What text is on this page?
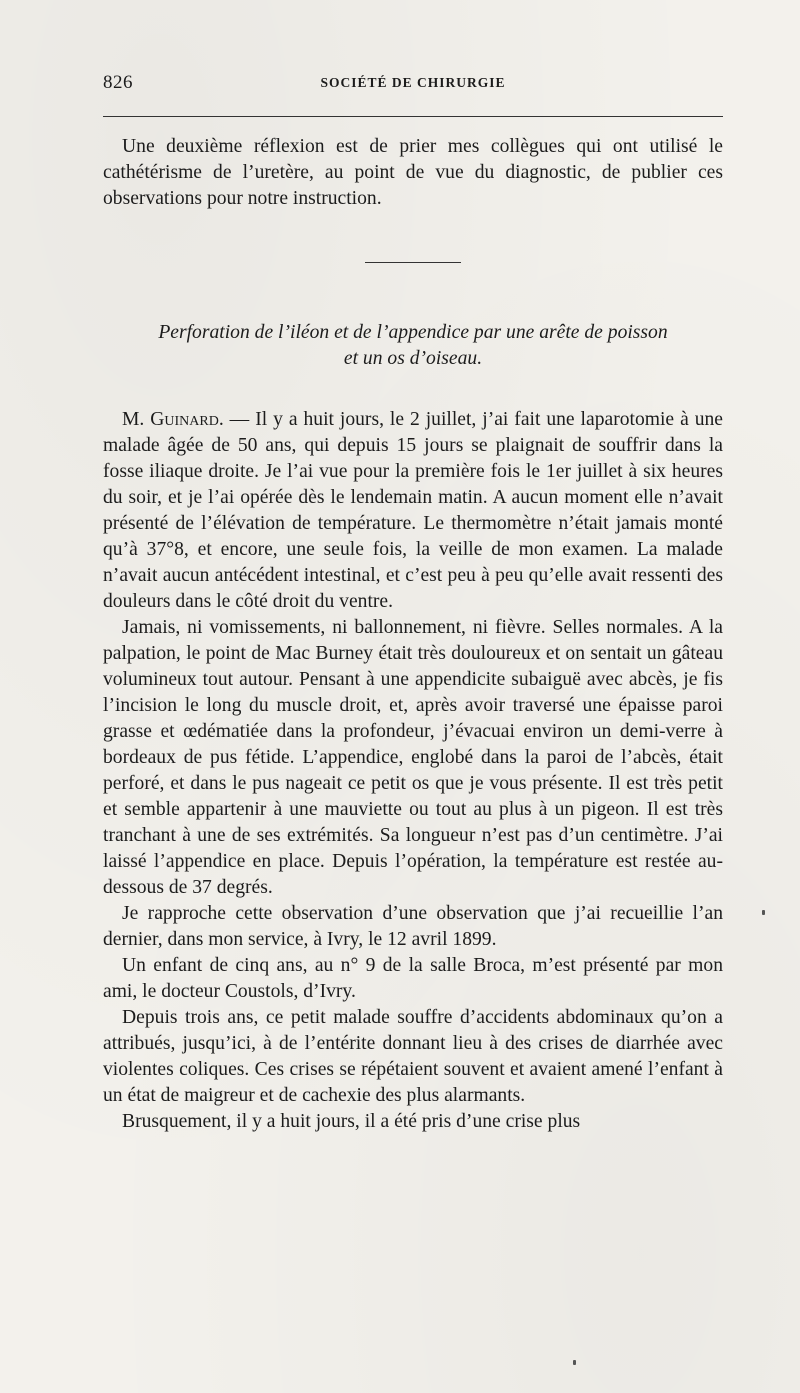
826	SOCIÉTÉ DE CHIRURGIE

Une deuxième réflexion est de prier mes collègues qui ont utilisé le cathétérisme de l’uretère, au point de vue du diagnostic, de publier ces observations pour notre instruction.

Perforation de l’iléon et de l’appendice par une arête de poisson
et un os d’oiseau.

M. Guinard. — Il y a huit jours, le 2 juillet, j’ai fait une laparotomie à une malade âgée de 50 ans, qui depuis 15 jours se plaignait de souffrir dans la fosse iliaque droite. Je l’ai vue pour la première fois le 1er juillet à six heures du soir, et je l’ai opérée dès le lendemain matin. A aucun moment elle n’avait présenté de l’élévation de température. Le thermomètre n’était jamais monté qu’à 37°8, et encore, une seule fois, la veille de mon examen. La malade n’avait aucun antécédent intestinal, et c’est peu à peu qu’elle avait ressenti des douleurs dans le côté droit du ventre.

Jamais, ni vomissements, ni ballonnement, ni fièvre. Selles normales. A la palpation, le point de Mac Burney était très douloureux et on sentait un gâteau volumineux tout autour. Pensant à une appendicite subaiguë avec abcès, je fis l’incision le long du muscle droit, et, après avoir traversé une épaisse paroi grasse et œdématiée dans la profondeur, j’évacuai environ un demi-verre à bordeaux de pus fétide. L’appendice, englobé dans la paroi de l’abcès, était perforé, et dans le pus nageait ce petit os que je vous présente. Il est très petit et semble appartenir à une mauviette ou tout au plus à un pigeon. Il est très tranchant à une de ses extrémités. Sa longueur n’est pas d’un centimètre. J’ai laissé l’appendice en place. Depuis l’opération, la température est restée au-dessous de 37 degrés.

Je rapproche cette observation d’une observation que j’ai recueillie l’an dernier, dans mon service, à Ivry, le 12 avril 1899.

Un enfant de cinq ans, au n° 9 de la salle Broca, m’est présenté par mon ami, le docteur Coustols, d’Ivry.

Depuis trois ans, ce petit malade souffre d’accidents abdominaux qu’on a attribués, jusqu’ici, à de l’entérite donnant lieu à des crises de diarrhée avec violentes coliques. Ces crises se répétaient souvent et avaient amené l’enfant à un état de maigreur et de cachexie des plus alarmants.

Brusquement, il y a huit jours, il a été pris d’une crise plus
